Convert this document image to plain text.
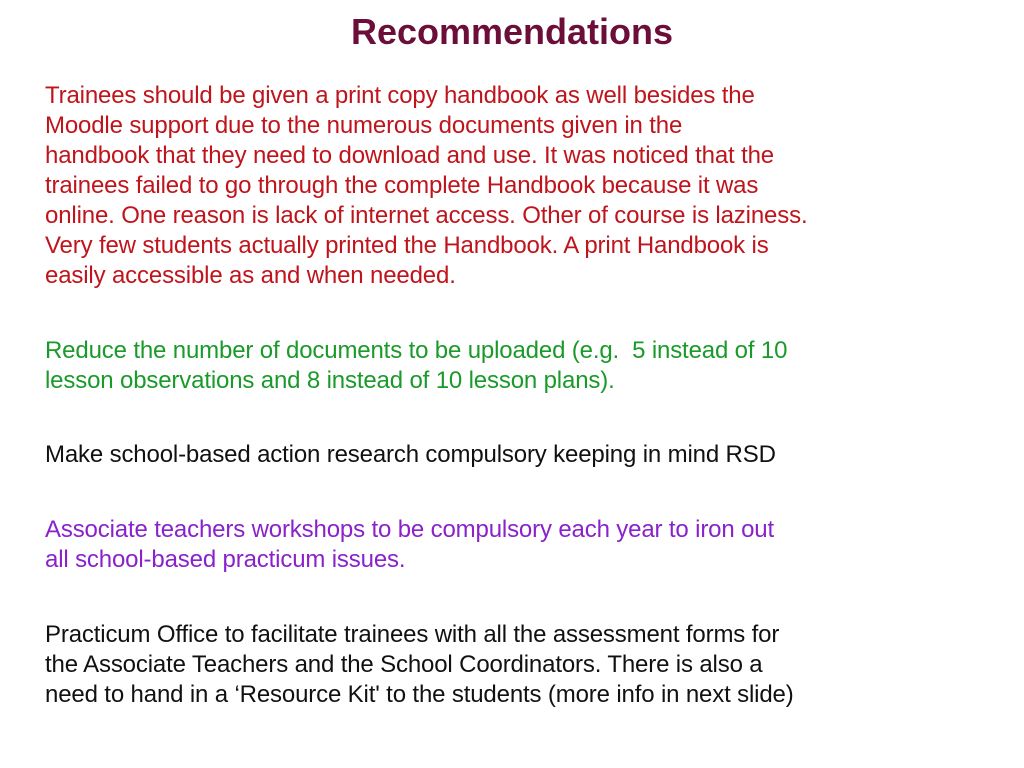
Recommendations

Trainees should be given a print copy handbook as well besides the
Moodle support due to the numerous documents given in the
handbook that they need to download and use. It was noticed that the
trainees failed to go through the complete Handbook because it was
online. One reason is lack of internet access. Other of course is laziness.
Very few students actually printed the Handbook. A print Handbook is
easily accessible as and when needed.

Reduce the number of documents to be uploaded (e.g.  5 instead of 10
lesson observations and 8 instead of 10 lesson plans).

Make school-based action research compulsory keeping in mind RSD

Associate teachers workshops to be compulsory each year to iron out
all school-based practicum issues.

Practicum Office to facilitate trainees with all the assessment forms for
the Associate Teachers and the School Coordinators. There is also a
need to hand in a ‘Resource Kit' to the students (more info in next slide)
